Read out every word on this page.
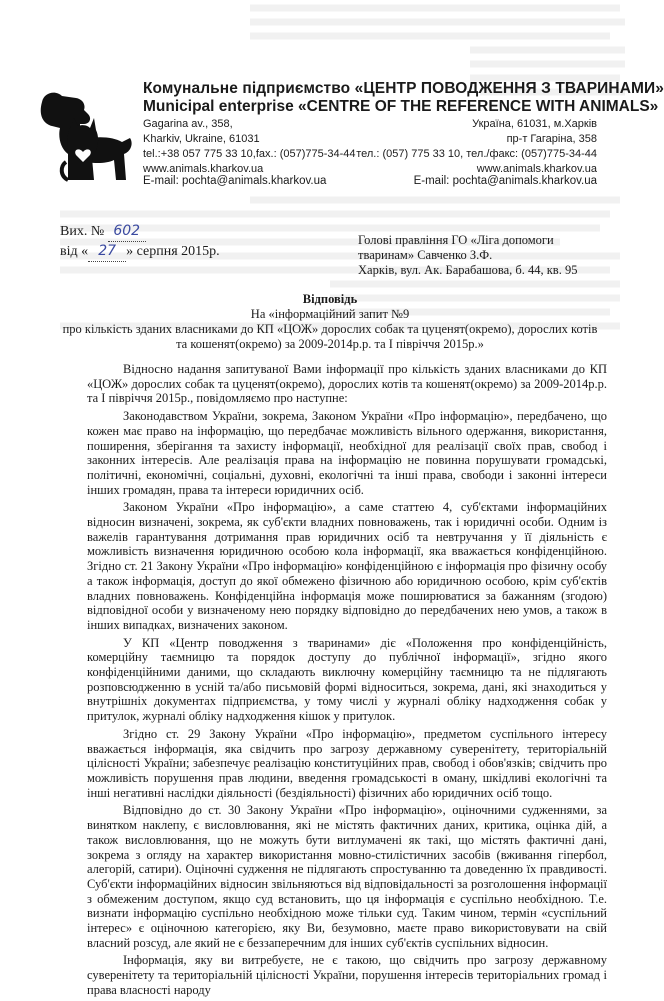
Комунальне підприємство «ЦЕНТР ПОВОДЖЕННЯ З ТВАРИНАМИ»
Municipal enterprise «CENTRE OF THE REFERENCE WITH ANIMALS»
Gagarina av., 358,
Kharkiv, Ukraine, 61031
tel.:+38 057 775 33 10,fax.: (057)775-34-44
www.animals.kharkov.ua
Україна, 61031, м.Харків
пр-т Гагаріна, 358
тел.: (057) 775 33 10, тел./факс: (057)775-34-44
www.animals.kharkov.ua
E-mail: pochta@animals.kharkov.ua	E-mail: pochta@animals.kharkov.ua
Вих. № 602
від « 27 » серпня 2015р.
Голові правління ГО «Ліга допомоги
тваринам» Савченко З.Ф.
Харків, вул. Ак. Барабашова, б. 44, кв. 95
Відповідь
На «інформаційний запит №9
про кількість зданих власниками до КП «ЦОЖ» дорослих собак та цуценят(окремо), дорослих котів та кошенят(окремо) за 2009-2014р.р. та І півріччя 2015р.»

Відносно надання запитуваної Вами інформації про кількість зданих власниками до КП «ЦОЖ» дорослих собак та цуценят(окремо), дорослих котів та кошенят(окремо) за 2009-2014р.р. та І півріччя 2015р., повідомляємо про наступне:

Законодавством України, зокрема, Законом України «Про інформацію», передбачено, що кожен має право на інформацію, що передбачає можливість вільного одержання, використання, поширення, зберігання та захисту інформації, необхідної для реалізації своїх прав, свобод і законних інтересів. Але реалізація права на інформацію не повинна порушувати громадські, політичні, економічні, соціальні, духовні, екологічні та інші права, свободи і законні інтереси інших громадян, права та інтереси юридичних осіб.

Законом України «Про інформацію», а саме статтею 4, суб'єктами інформаційних відносин визначені, зокрема, як суб'єкти владних повноважень, так і юридичні особи. Одним із важелів гарантування дотримання прав юридичних осіб та невтручання у її діяльність є можливість визначення юридичною особою кола інформації, яка вважається конфіденційною. Згідно ст. 21 Закону України «Про інформацію» конфіденційною є інформація про фізичну особу а також інформація, доступ до якої обмежено фізичною або юридичною особою, крім суб'єктів владних повноважень. Конфіденційна інформація може поширюватися за бажанням (згодою) відповідної особи у визначеному нею порядку відповідно до передбачених нею умов, а також в інших випадках, визначених законом.

У КП «Центр поводження з тваринами» діє «Положення про конфіденційність, комерційну таємницю та порядок доступу до публічної інформації», згідно якого конфіденційними даними, що складають виключну комерційну таємницю та не підлягають розповсюдженню в усній та/або письмовій формі відноситься, зокрема, дані, які знаходиться у внутрішніх документах підприємства, у тому числі у журналі обліку надходження собак у притулок, журналі обліку надходження кішок у притулок.

Згідно ст. 29 Закону України «Про інформацію», предметом суспільного інтересу вважається інформація, яка свідчить про загрозу державному суверенітету, територіальній цілісності України; забезпечує реалізацію конституційних прав, свобод і обов'язків; свідчить про можливість порушення прав людини, введення громадськості в оману, шкідливі екологічні та інші негативні наслідки діяльності (бездіяльності) фізичних або юридичних осіб тощо.

Відповідно до ст. 30 Закону України «Про інформацію», оціночними судженнями, за винятком наклепу, є висловлювання, які не містять фактичних даних, критика, оцінка дій, а також висловлювання, що не можуть бути витлумачені як такі, що містять фактичні дані, зокрема з огляду на характер використання мовно-стилістичних засобів (вживання гіпербол, алегорій, сатири). Оціночні судження не підлягають спростуванню та доведенню їх правдивості. Суб'єкти інформаційних відносин звільняються від відповідальності за розголошення інформації з обмеженим доступом, якщо суд встановить, що ця інформація є суспільно необхідною. Т.е. визнати інформацію суспільно необхідною може тільки суд. Таким чином, термін «суспільний інтерес» є оціночною категорією, яку Ви, безумовно, маєте право використовувати на свій власний розсуд, але який не є беззаперечним для інших суб'єктів суспільних відносин.

Інформація, яку ви витребуєте, не є такою, що свідчить про загрозу державному суверенітету та територіальній цілісності України, порушення інтересів територіальних громад і права власності народу
